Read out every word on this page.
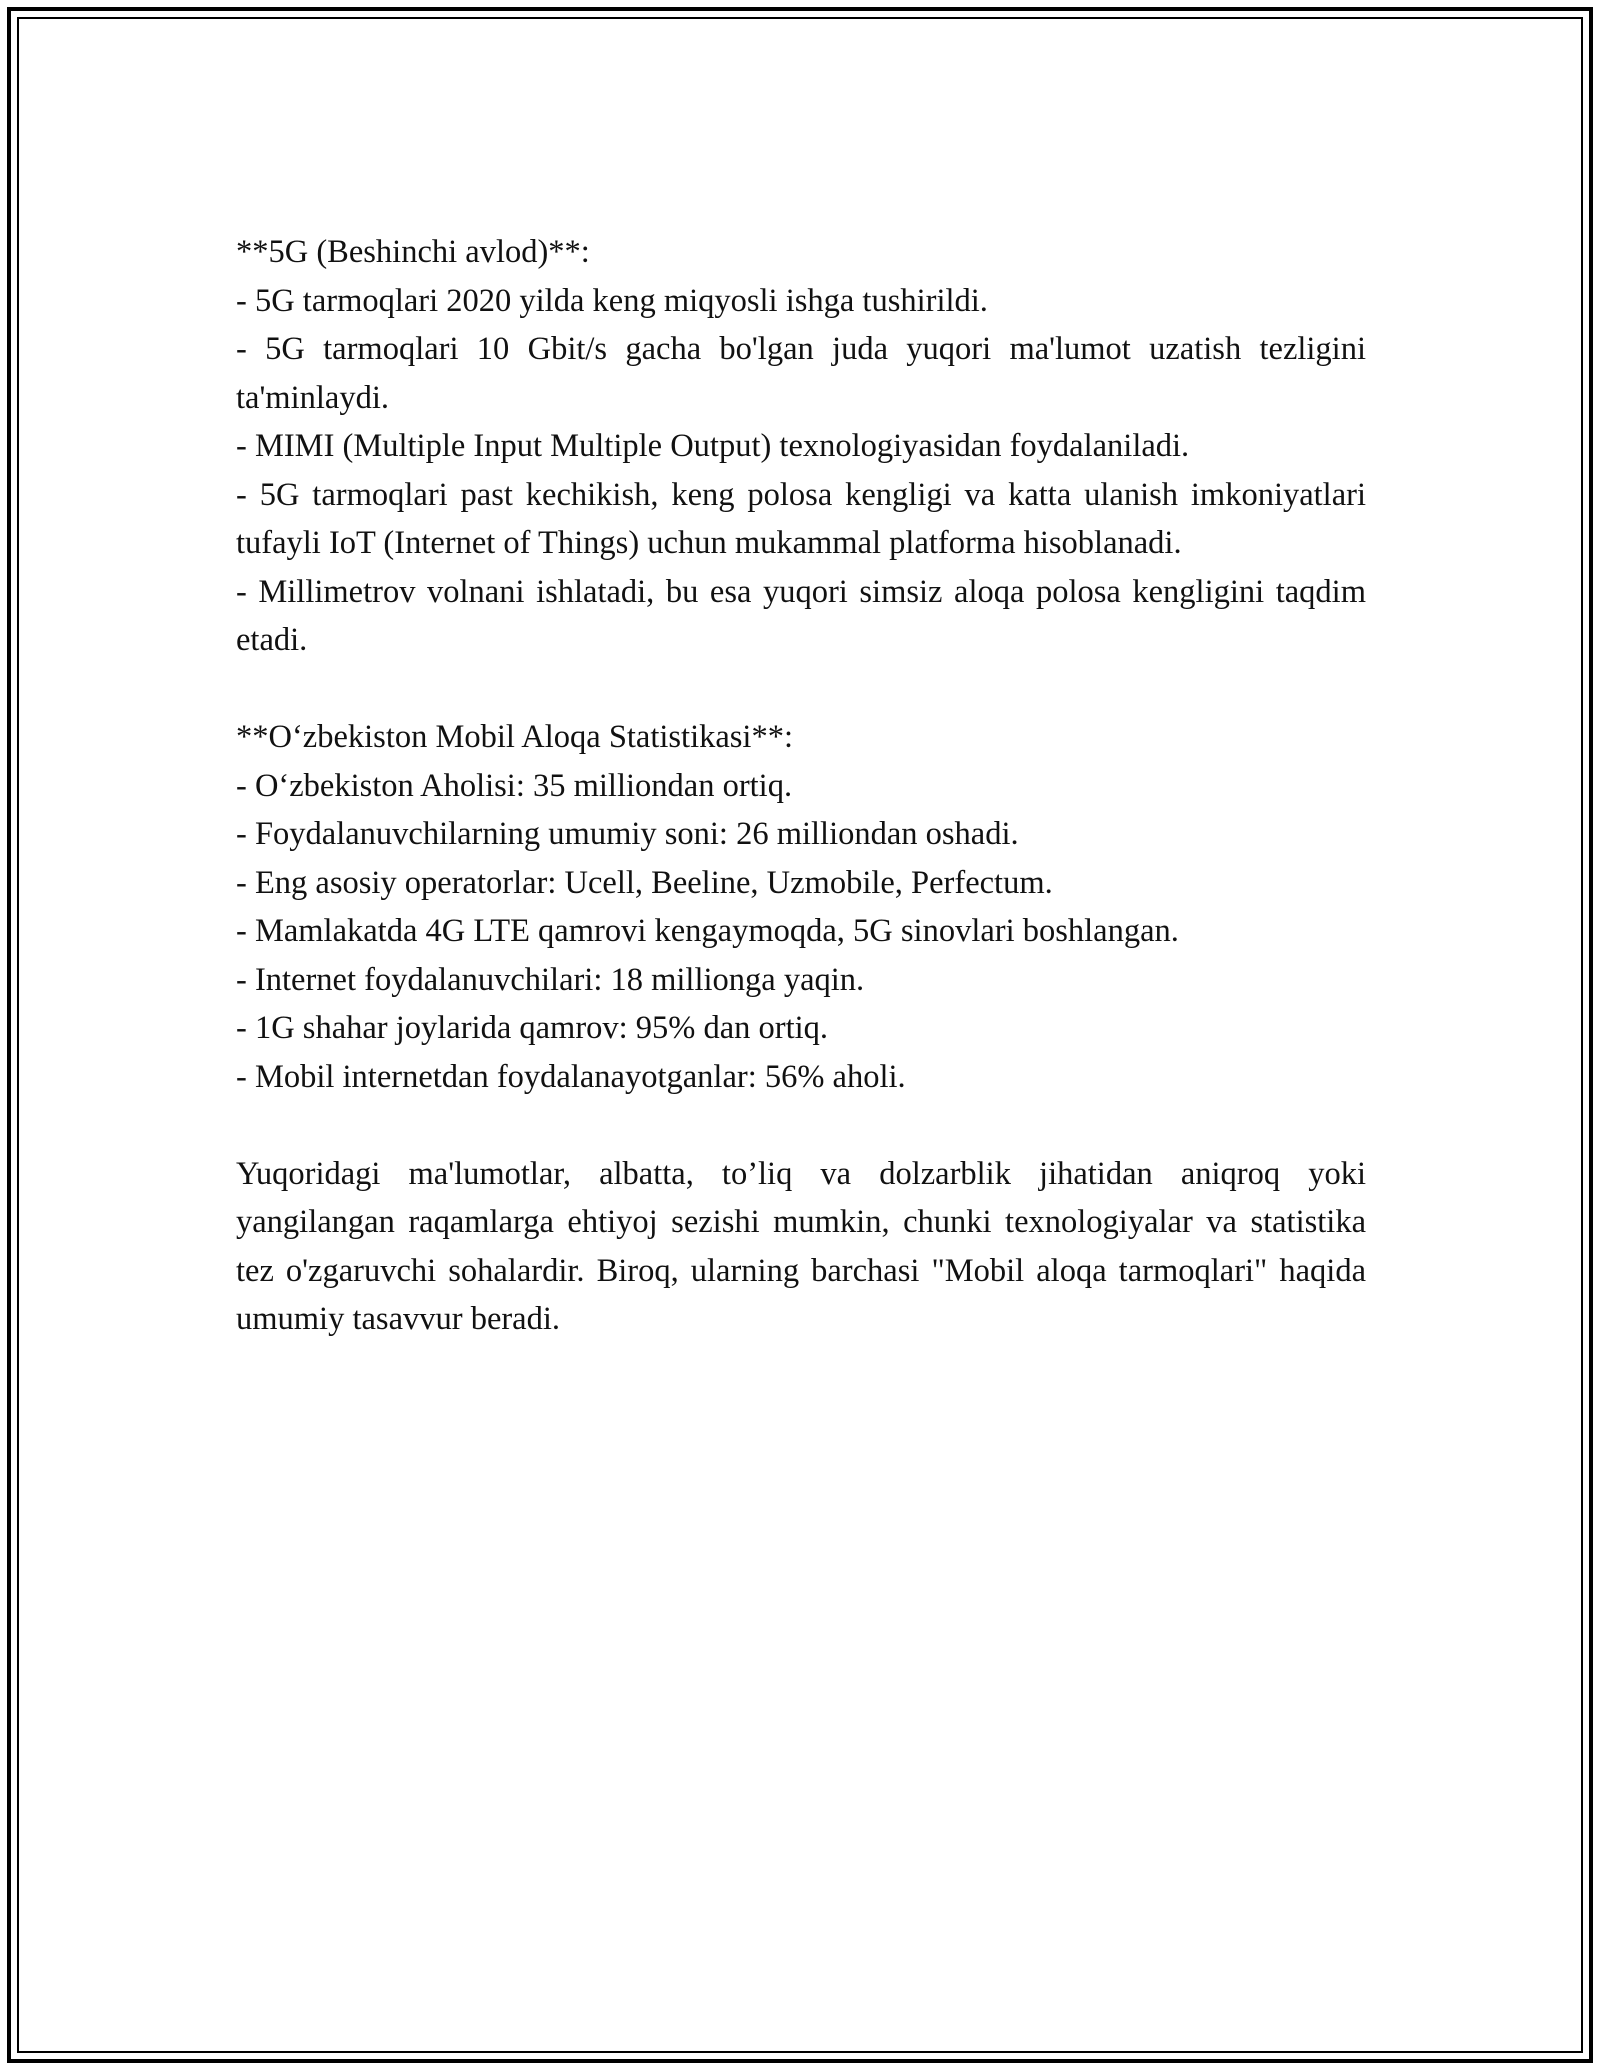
**5G (Beshinchi avlod)**:
- 5G tarmoqlari 2020 yilda keng miqyosli ishga tushirildi.
- 5G tarmoqlari 10 Gbit/s gacha bo'lgan juda yuqori ma'lumot uzatish tezligini ta'minlaydi.
- MIMI (Multiple Input Multiple Output) texnologiyasidan foydalaniladi.
- 5G tarmoqlari past kechikish, keng polosa kengligi va katta ulanish imkoniyatlari tufayli IoT (Internet of Things) uchun mukammal platforma hisoblanadi.
- Millimetrov volnani ishlatadi, bu esa yuqori simsiz aloqa polosa kengligini taqdim etadi.
**O‘zbekiston Mobil Aloqa Statistikasi**:
- O‘zbekiston Aholisi: 35 milliondan ortiq.
- Foydalanuvchilarning umumiy soni: 26 milliondan oshadi.
- Eng asosiy operatorlar: Ucell, Beeline, Uzmobile, Perfectum.
- Mamlakatda 4G LTE qamrovi kengaymoqda, 5G sinovlari boshlangan.
- Internet foydalanuvchilari: 18 millionga yaqin.
- 1G shahar joylarida qamrov: 95% dan ortiq.
- Mobil internetdan foydalanayotganlar: 56% aholi.
Yuqoridagi ma'lumotlar, albatta, to’liq va dolzarblik jihatidan aniqroq yoki yangilangan raqamlarga ehtiyoj sezishi mumkin, chunki texnologiyalar va statistika tez o'zgaruvchi sohalardir. Biroq, ularning barchasi "Mobil aloqa tarmoqlari" haqida umumiy tasavvur beradi.
